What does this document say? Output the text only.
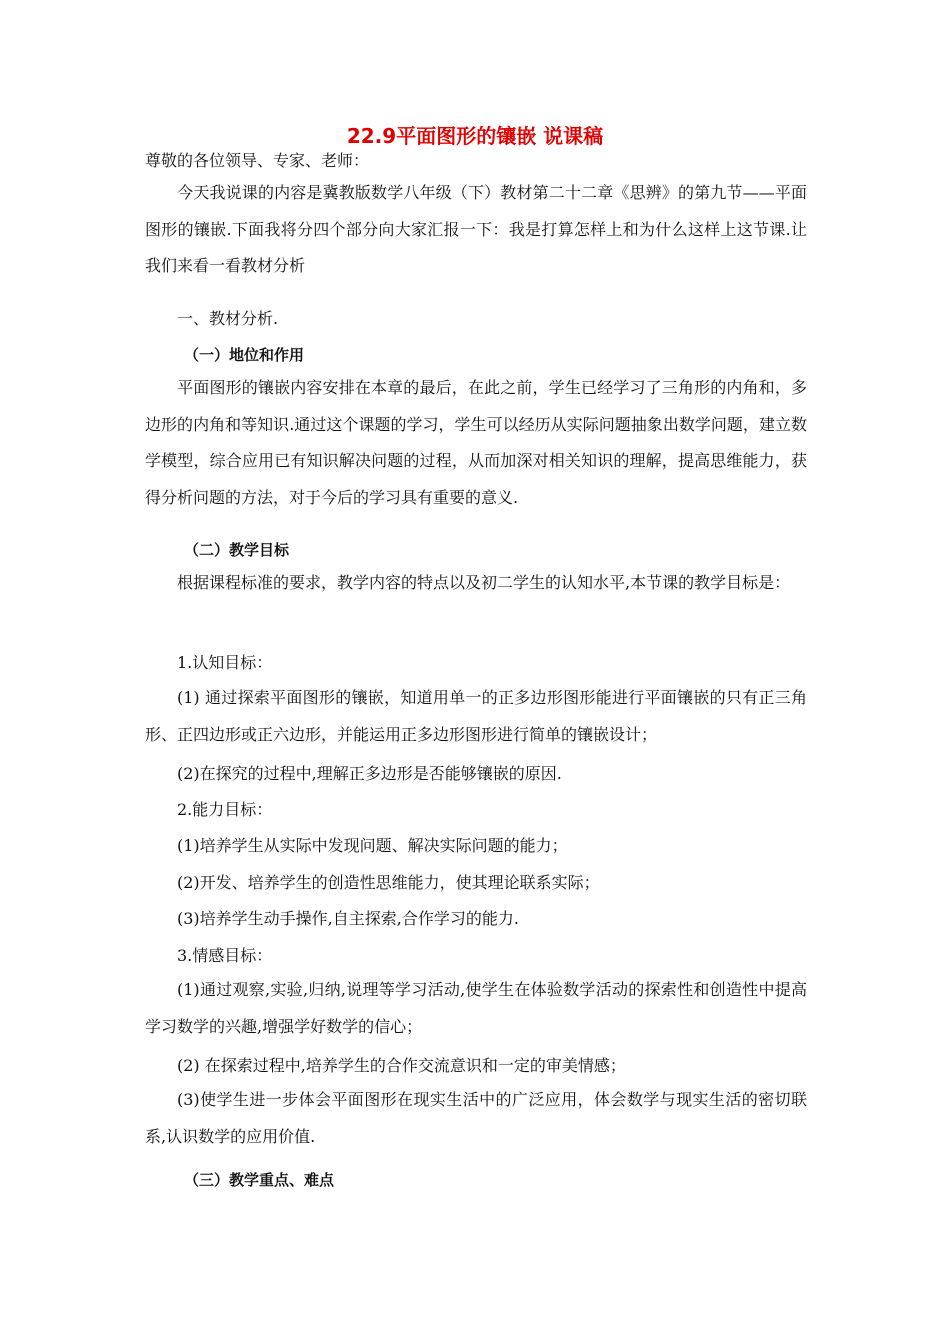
22.9平面图形的镶嵌 说课稿
尊敬的各位领导、专家、老师：
今天我说课的内容是冀教版数学八年级（下）教材第二十二章《思辨》的第九节——平面图形的镶嵌.下面我将分四个部分向大家汇报一下：我是打算怎样上和为什么这样上这节课.让我们来看一看教材分析
一、教材分析.
（一）地位和作用
平面图形的镶嵌内容安排在本章的最后，在此之前，学生已经学习了三角形的内角和，多边形的内角和等知识.通过这个课题的学习，学生可以经历从实际问题抽象出数学问题，建立数学模型，综合应用已有知识解决问题的过程，从而加深对相关知识的理解，提高思维能力，获得分析问题的方法，对于今后的学习具有重要的意义.
（二）教学目标
根据课程标准的要求，教学内容的特点以及初二学生的认知水平,本节课的教学目标是：
1.认知目标：
(1) 通过探索平面图形的镶嵌，知道用单一的正多边形图形能进行平面镶嵌的只有正三角形、正四边形或正六边形，并能运用正多边形图形进行简单的镶嵌设计；
(2)在探究的过程中,理解正多边形是否能够镶嵌的原因.
2.能力目标：
(1)培养学生从实际中发现问题、解决实际问题的能力；
(2)开发、培养学生的创造性思维能力，使其理论联系实际；
(3)培养学生动手操作,自主探索,合作学习的能力.
3.情感目标：
(1)通过观察,实验,归纳,说理等学习活动,使学生在体验数学活动的探索性和创造性中提高学习数学的兴趣,增强学好数学的信心；
(2) 在探索过程中,培养学生的合作交流意识和一定的审美情感；
(3)使学生进一步体会平面图形在现实生活中的广泛应用，体会数学与现实生活的密切联系,认识数学的应用价值.
（三）教学重点、难点
